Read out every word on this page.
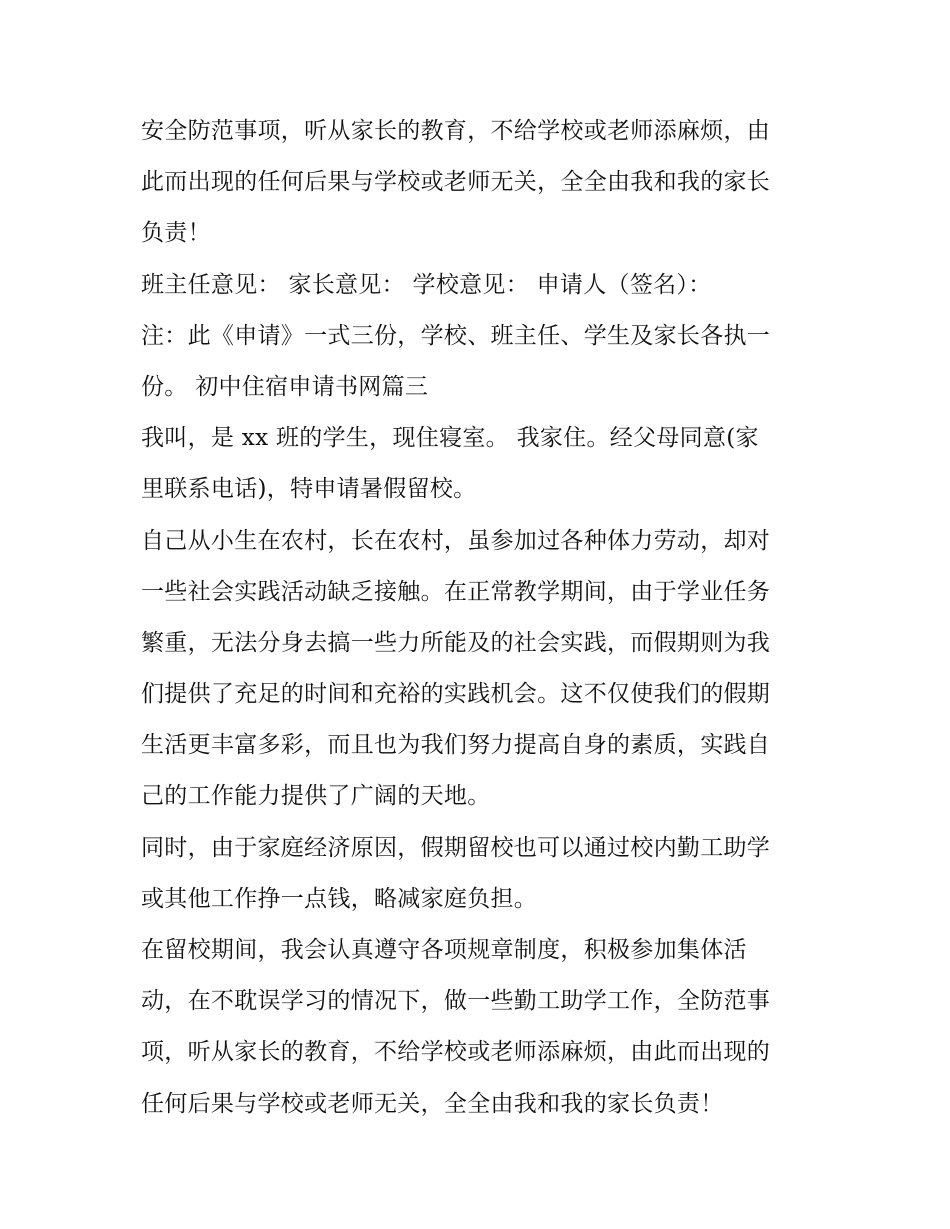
安全防范事项，听从家长的教育，不给学校或老师添麻烦，由
此而出现的任何后果与学校或老师无关，全全由我和我的家长
负责！
班主任意见： 家长意见： 学校意见： 申请人（签名）：
注：此《申请》一式三份，学校、班主任、学生及家长各执一
份。 初中住宿申请书网篇三
我叫，是 xx 班的学生，现住寝室。 我家住。经父母同意(家
里联系电话)，特申请暑假留校。
自己从小生在农村，长在农村，虽参加过各种体力劳动，却对
一些社会实践活动缺乏接触。在正常教学期间，由于学业任务
繁重，无法分身去搞一些力所能及的社会实践，而假期则为我
们提供了充足的时间和充裕的实践机会。这不仅使我们的假期
生活更丰富多彩，而且也为我们努力提高自身的素质，实践自
己的工作能力提供了广阔的天地。
同时，由于家庭经济原因，假期留校也可以通过校内勤工助学
或其他工作挣一点钱，略减家庭负担。
在留校期间，我会认真遵守各项规章制度，积极参加集体活
动，在不耽误学习的情况下，做一些勤工助学工作，全防范事
项，听从家长的教育，不给学校或老师添麻烦，由此而出现的
任何后果与学校或老师无关，全全由我和我的家长负责！
